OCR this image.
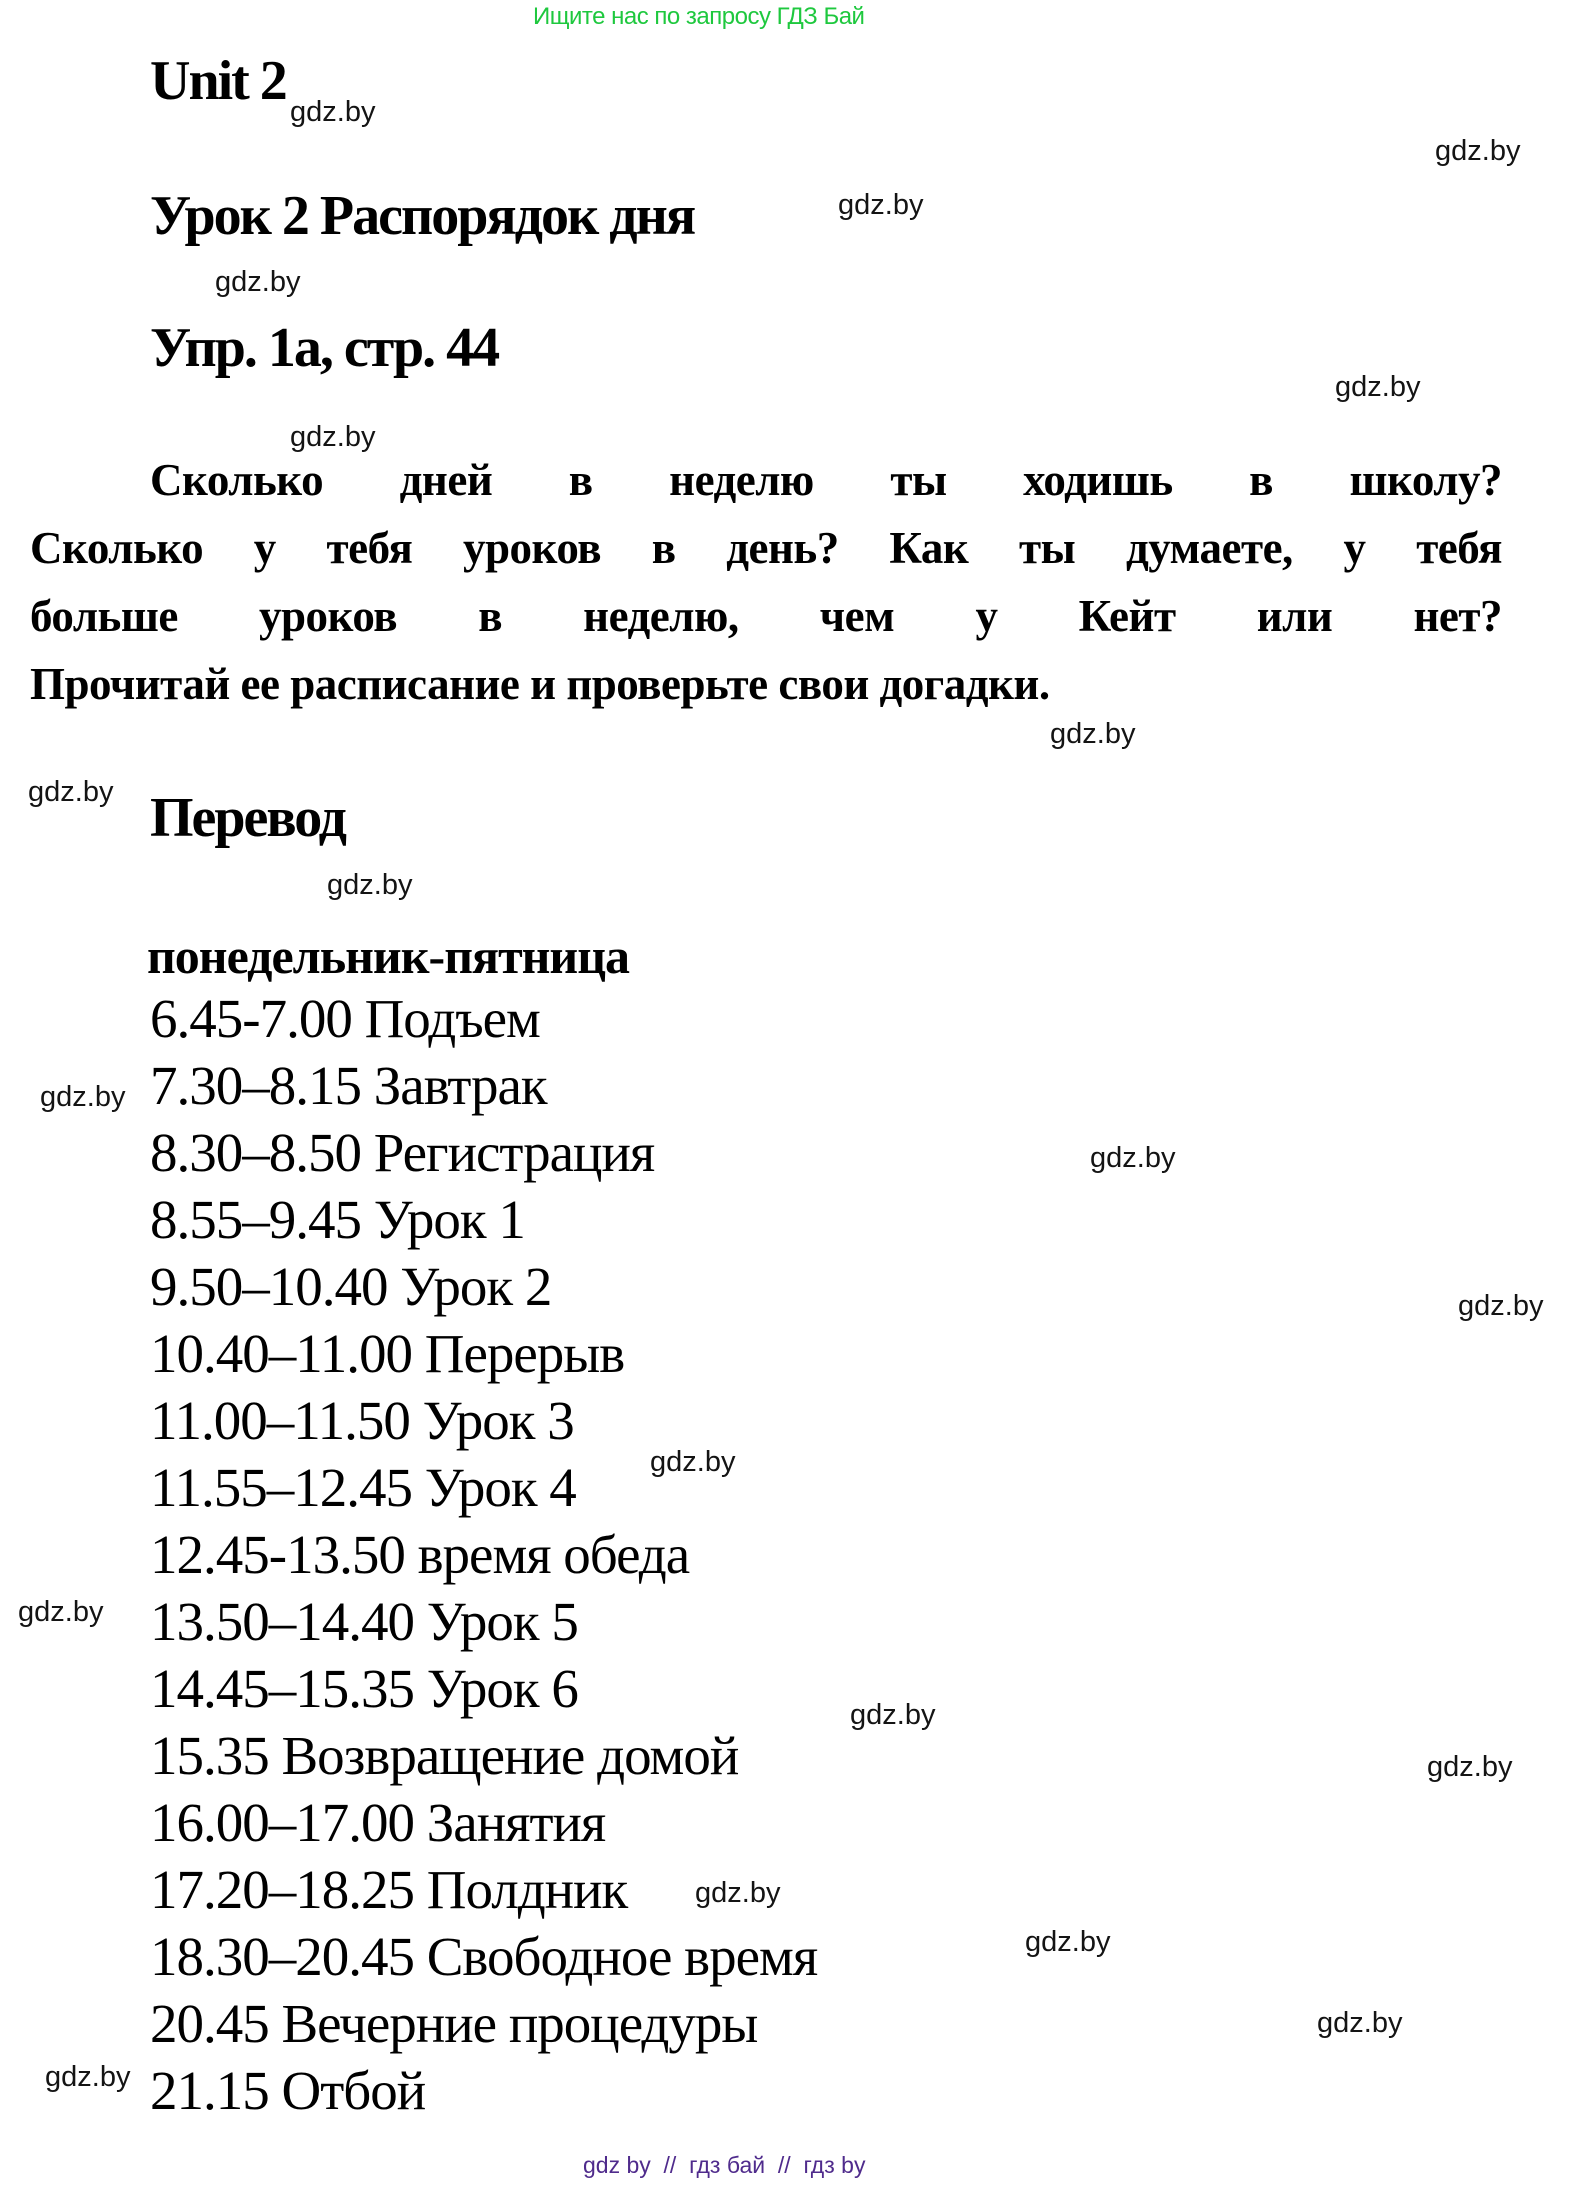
Ищите нас по запросу ГДЗ Бай
Unit 2
Урок 2 Распорядок дня
Упр. 1а, стр. 44
Сколько дней в неделю ты ходишь в школу?
Сколько у тебя уроков в день? Как ты думаете, у тебя
больше уроков в неделю, чем у Кейт или нет?
Прочитай ее расписание и проверьте свои догадки.
Перевод
понедельник-пятница
6.45-7.00 Подъем
7.30–8.15 Завтрак
8.30–8.50 Регистрация
8.55–9.45 Урок 1
9.50–10.40 Урок 2
10.40–11.00 Перерыв
11.00–11.50 Урок 3
11.55–12.45 Урок 4
12.45-13.50 время обеда
13.50–14.40 Урок 5
14.45–15.35 Урок 6
15.35 Возвращение домой
16.00–17.00 Занятия
17.20–18.25 Полдник
18.30–20.45 Свободное время
20.45 Вечерние процедуры
21.15 Отбой
gdz.by
gdz.by
gdz.by
gdz.by
gdz.by
gdz.by
gdz.by
gdz.by
gdz.by
gdz.by
gdz.by
gdz.by
gdz.by
gdz.by
gdz.by
gdz.by
gdz.by
gdz.by
gdz.by
gdz.by
gdz by  //  гдз бай  //  гдз by
